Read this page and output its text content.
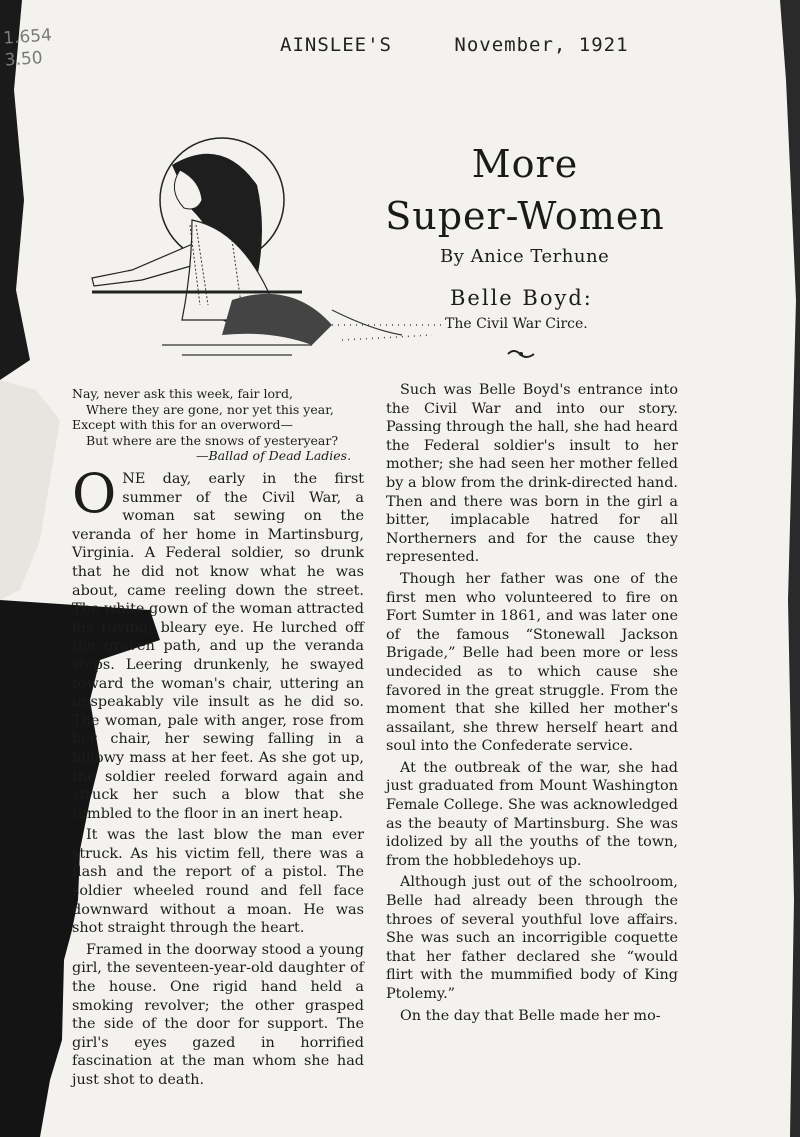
1.654
3.50
AINSLEE'S	November, 1921
More
Super-Women
By Anice Terhune
Belle Boyd:
The Civil War Circe.
Nay, never ask this week, fair lord,
Where they are gone, nor yet this year,
Except with this for an overword—
But where are the snows of yesteryear?
—Ballad of Dead Ladies.

ONE day, early in the first summer of the Civil War, a woman sat sewing on the veranda of her home in Martinsburg, Virginia. A Federal soldier, so drunk that he did not know what he was about, came reeling down the street. The white gown of the woman attracted his roving, bleary eye. He lurched off the graven path, and up the veranda steps. Leering drunkenly, he swayed toward the woman's chair, uttering an unspeakably vile insult as he did so. The woman, pale with anger, rose from her chair, her sewing falling in a billowy mass at her feet. As she got up, the soldier reeled forward again and struck her such a blow that she tumbled to the floor in an inert heap.

It was the last blow the man ever struck. As his victim fell, there was a flash and the report of a pistol. The soldier wheeled round and fell face downward without a moan. He was shot straight through the heart.

Framed in the doorway stood a young girl, the seventeen-year-old daughter of the house. One rigid hand held a smoking revolver; the other grasped the side of the door for support. The girl's eyes gazed in horrified fascination at the man whom she had just shot to death.

Such was Belle Boyd's entrance into the Civil War and into our story. Passing through the hall, she had heard the Federal soldier's insult to her mother; she had seen her mother felled by a blow from the drink-directed hand. Then and there was born in the girl a bitter, implacable hatred for all Northerners and for the cause they represented.

Though her father was one of the first men who volunteered to fire on Fort Sumter in 1861, and was later one of the famous “Stonewall Jackson Brigade,” Belle had been more or less undecided as to which cause she favored in the great struggle. From the moment that she killed her mother's assailant, she threw herself heart and soul into the Confederate service.

At the outbreak of the war, she had just graduated from Mount Washington Female College. She was acknowledged as the beauty of Martinsburg. She was idolized by all the youths of the town, from the hobbledehoys up.

Although just out of the schoolroom, Belle had already been through the throes of several youthful love affairs. She was such an incorrigible coquette that her father declared she “would flirt with the mummified body of King Ptolemy.”

On the day that Belle made her mo-
